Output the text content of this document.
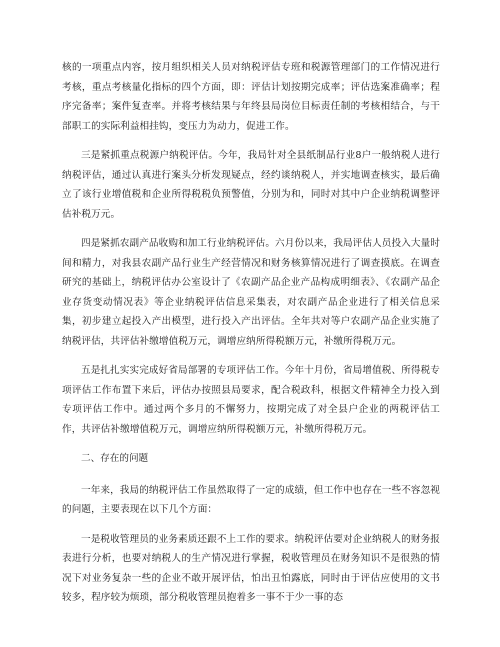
核的一项重点内容，按月组织相关人员对纳税评估专班和税源管理部门的工作情况进行考核，重点考核量化指标的四个方面，即：评估计划按期完成率；评估选案准确率；程序完备率；案件复查率。并将考核结果与年终县局岗位目标责任制的考核相结合，与干部职工的实际利益相挂钩，变压力为动力，促进工作。

三是紧抓重点税源户纳税评估。今年，我局针对全县纸制品行业8户一般纳税人进行纳税评估，通过认真进行案头分析发现疑点，经约谈纳税人，并实地调查核实，最后确立了该行业增值税和企业所得税税负预警值，分别为和，同时对其中户企业纳税调整评估补税万元。

四是紧抓农副产品收购和加工行业纳税评估。六月份以来，我局评估人员投入大量时间和精力，对我县农副产品行业生产经营情况和财务核算情况进行了调查摸底。在调查研究的基础上，纳税评估办公室设计了《农副产品企业产品构成明细表》、《农副产品企业存货变动情况表》等企业纳税评估信息采集表，对农副产品企业进行了相关信息采集，初步建立起投入产出模型，进行投入产出评估。全年共对等户农副产品企业实施了纳税评估，共评估补缴增值税万元，调增应纳所得税额万元，补缴所得税万元。

五是扎扎实实完成好省局部署的专项评估工作。今年十月份，省局增值税、所得税专项评估工作布置下来后，评估办按照县局要求，配合税政科，根据文件精神全力投入到专项评估工作中。通过两个多月的不懈努力，按期完成了对全县户企业的两税评估工作，共评估补缴增值税万元，调增应纳所得税额万元，补缴所得税万元。

二、存在的问题

一年来，我局的纳税评估工作虽然取得了一定的成绩，但工作中也存在一些不容忽视的问题，主要表现在以下几个方面：

一是税收管理员的业务素质还跟不上工作的要求。纳税评估要对企业纳税人的财务报表进行分析，也要对纳税人的生产情况进行掌握，税收管理员在财务知识不是很熟的情况下对业务复杂一些的企业不敢开展评估，怕出丑怕露底，同时由于评估应使用的文书较多，程序较为烦琐，部分税收管理员抱着多一事不于少一事的态
